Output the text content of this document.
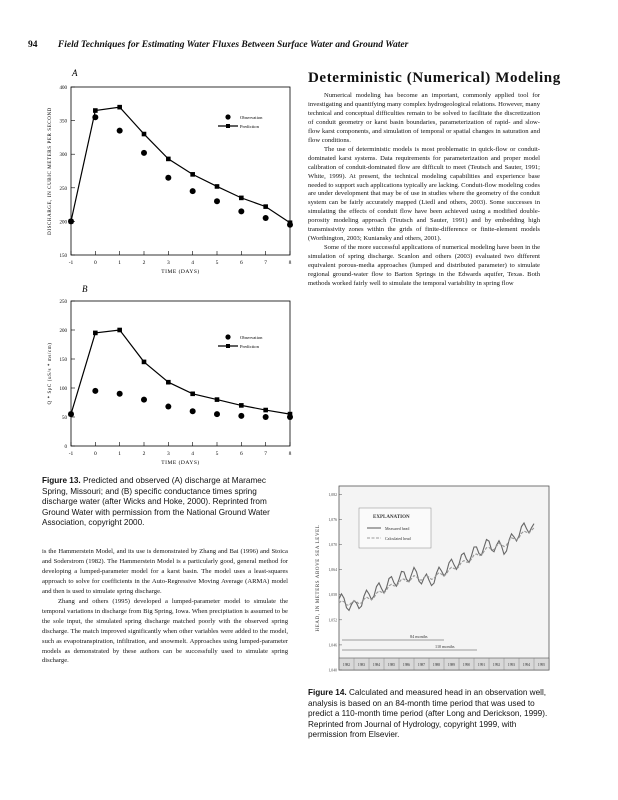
94 Field Techniques for Estimating Water Fluxes Between Surface Water and Ground Water
Deterministic (Numerical) Modeling

Numerical modeling has become an important, commonly applied tool for investigating and quantifying many complex hydrogeological relations. However, many technical and conceptual difficulties remain to be solved to facilitate the discretization of conduit geometry or karst basin boundaries, parameterization of rapid- and slow-flow karst components, and simulation of temporal or spatial changes in saturation and flow conditions.

The use of deterministic models is most problematic in quick-flow or conduit-dominated karst systems. Data requirements for parameterization and proper model calibration of conduit-dominated flow are difficult to meet (Teutsch and Sauter, 1991; White, 1999). At present, the technical modeling capabilities and experience base needed to support such applications typically are lacking. Conduit-flow modeling codes are under development that may be of use in studies where the geometry of the conduit system can be fairly accurately mapped (Liedl and others, 2003). Some successes in simulating the effects of conduit flow have been achieved using a modified double-porosity modeling approach (Teutsch and Sauter, 1991) and by embedding high transmissivity zones within the grids of finite-difference or finite-element models (Worthington, 2003; Kuniansky and others, 2001).

Some of the more successful applications of numerical modeling have been in the simulation of spring discharge. Scanlon and others (2003) evaluated two different equivalent porous-media approaches (lumped and distributed parameter) to simulate regional ground-water flow to Barton Springs in the Edwards aquifer, Texas. Both methods worked fairly well to simulate the temporal variability in spring flow

is the Hammerstein Model, and its use is demonstrated by Zhang and Bai (1996) and Stoica and Soderstrom (1982). The Hammerstein Model is a particularly good, general method for developing a lumped-parameter model for a karst basin. The model uses a least-squares approach to solve for coefficients in the Auto-Regressive Moving Average (ARMA) model and then is used to simulate spring discharge.

Zhang and others (1995) developed a lumped-parameter model to simulate the temporal variations in discharge from Big Spring, Iowa. When precipitation is assumed to be the sole input, the simulated spring discharge matched poorly with the observed spring discharge. The match improved significantly when other variables were added to the model, such as evapotranspiration, infiltration, and snowmelt. Approaches using lumped-parameter models as demonstrated by these authors can be successfully used to simulate spring discharge.

A
150
200
250
300
350
400
-1	0	1	2	3	4	5	6	7	8
TIME (DAYS)
DISCHARGE, IN CUBIC METERS PER SECOND	Observation
Prediction
B
0
50
100
150
200
250
-1	0	1	2	3	4	5	6	7	8
TIME (DAYS)
Q * SpC (uS/s * ms/cm)
Observation
Prediction
Figure 13. Predicted and observed (A) discharge at Maramec Spring, Missouri; and (B) specific conductance times spring discharge water (after Wicks and Hoke, 2000). Reprinted from Ground Water with permission from the National Ground Water Association, copyright 2000.
1,040
1,046
1,052
1,058
1,064
1,070
1,076
1,082
1982 1983 1984 1985 1986 1987 1988 1989 1990 1991 1992 1993 1994 1995
HEAD, IN METERS ABOVE SEA LEVEL
EXPLANATION
Measured head
Calculated head
84 months
110 months
Figure 14. Calculated and measured head in an observation well, analysis is based on an 84-month time period that was used to predict a 110-month time period (after Long and Derickson, 1999). Reprinted from Journal of Hydrology, copyright 1999, with permission from Elsevier.
